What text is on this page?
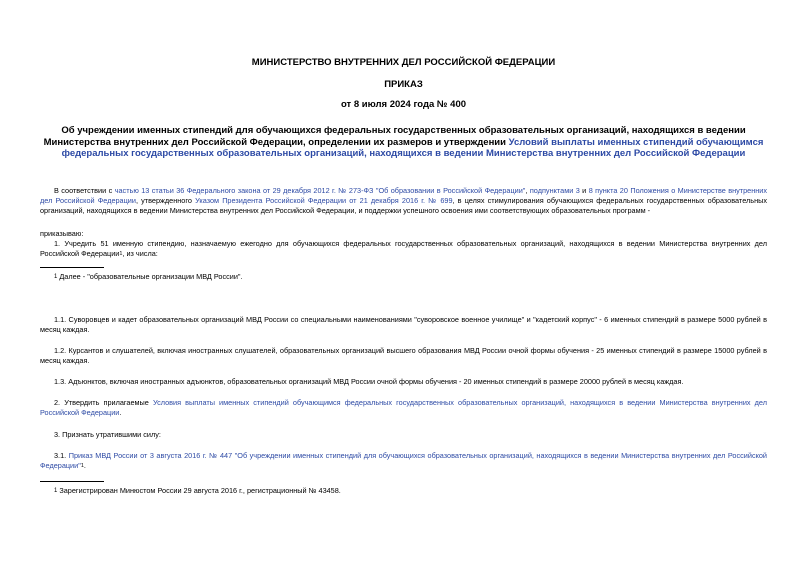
МИНИСТЕРСТВО ВНУТРЕННИХ ДЕЛ РОССИЙСКОЙ ФЕДЕРАЦИИ
ПРИКАЗ
от 8 июля 2024 года № 400
Об учреждении именных стипендий для обучающихся федеральных государственных образовательных организаций, находящихся в ведении Министерства внутренних дел Российской Федерации, определении их размеров и утверждении Условий выплаты именных стипендий обучающимся федеральных государственных образовательных организаций, находящихся в ведении Министерства внутренних дел Российской Федерации
В соответствии с частью 13 статьи 36 Федерального закона от 29 декабря 2012 г. № 273-ФЗ "Об образовании в Российской Федерации", подпунктами 3 и 8 пункта 20 Положения о Министерстве внутренних дел Российской Федерации, утвержденного Указом Президента Российской Федерации от 21 декабря 2016 г. № 699, в целях стимулирования обучающихся федеральных государственных образовательных организаций, находящихся в ведении Министерства внутренних дел Российской Федерации, и поддержки успешного освоения ими соответствующих образовательных программ -
приказываю:
1. Учредить 51 именную стипендию, назначаемую ежегодно для обучающихся федеральных государственных образовательных организаций, находящихся в ведении Министерства внутренних дел Российской Федерации$^1$, из числа:
$^1$ Далее - "образовательные организации МВД России".
1.1. Суворовцев и кадет образовательных организаций МВД России со специальными наименованиями "суворовское военное училище" и "кадетский корпус" - 6 именных стипендий в размере 5000 рублей в месяц каждая.
1.2. Курсантов и слушателей, включая иностранных слушателей, образовательных организаций высшего образования МВД России очной формы обучения - 25 именных стипендий в размере 15000 рублей в месяц каждая.
1.3. Адъюнктов, включая иностранных адъюнктов, образовательных организаций МВД России очной формы обучения - 20 именных стипендий в размере 20000 рублей в месяц каждая.
2. Утвердить прилагаемые Условия выплаты именных стипендий обучающимся федеральных государственных образовательных организаций, находящихся в ведении Министерства внутренних дел Российской Федерации.
3. Признать утратившими силу:
3.1. Приказ МВД России от 3 августа 2016 г. № 447 "Об учреждении именных стипендий для обучающихся образовательных организаций, находящихся в ведении Министерства внутренних дел Российской Федерации"$^1$.
$^1$ Зарегистрирован Минюстом России 29 августа 2016 г., регистрационный № 43458.
